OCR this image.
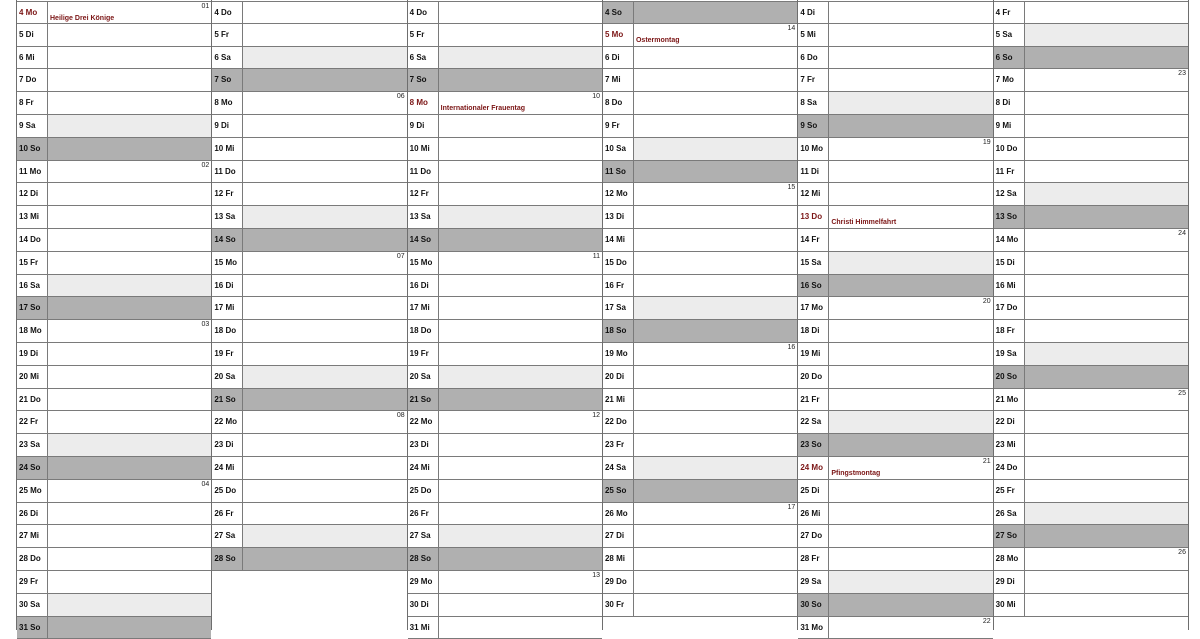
4 Mo
Heilige Drei Könige
01
5 Di
6 Mi
7 Do
8 Fr
9 Sa
10 So
11 Mo
02
12 Di
13 Mi
14 Do
15 Fr
16 Sa
17 So
18 Mo
03
19 Di
20 Mi
21 Do
22 Fr
23 Sa
24 So
25 Mo
04
26 Di
27 Mi
28 Do
29 Fr
30 Sa
31 So
4 Do
5 Fr
6 Sa
7 So
8 Mo
06
9 Di
10 Mi
11 Do
12 Fr
13 Sa
14 So
15 Mo
07
16 Di
17 Mi
18 Do
19 Fr
20 Sa
21 So
22 Mo
08
23 Di
24 Mi
25 Do
26 Fr
27 Sa
28 So
4 Do
5 Fr
6 Sa
7 So
8 Mo
Internationaler Frauentag
10
9 Di
10 Mi
11 Do
12 Fr
13 Sa
14 So
15 Mo
11
16 Di
17 Mi
18 Do
19 Fr
20 Sa
21 So
22 Mo
12
23 Di
24 Mi
25 Do
26 Fr
27 Sa
28 So
29 Mo
13
30 Di
31 Mi
4 So
5 Mo
Ostermontag
14
6 Di
7 Mi
8 Do
9 Fr
10 Sa
11 So
12 Mo
15
13 Di
14 Mi
15 Do
16 Fr
17 Sa
18 So
19 Mo
16
20 Di
21 Mi
22 Do
23 Fr
24 Sa
25 So
26 Mo
17
27 Di
28 Mi
29 Do
30 Fr
4 Di
5 Mi
6 Do
7 Fr
8 Sa
9 So
10 Mo
19
11 Di
12 Mi
13 Do
Christi Himmelfahrt
14 Fr
15 Sa
16 So
17 Mo
20
18 Di
19 Mi
20 Do
21 Fr
22 Sa
23 So
24 Mo
Pfingstmontag
21
25 Di
26 Mi
27 Do
28 Fr
29 Sa
30 So
31 Mo
22
4 Fr
5 Sa
6 So
7 Mo
23
8 Di
9 Mi
10 Do
11 Fr
12 Sa
13 So
14 Mo
24
15 Di
16 Mi
17 Do
18 Fr
19 Sa
20 So
21 Mo
25
22 Di
23 Mi
24 Do
25 Fr
26 Sa
27 So
28 Mo
26
29 Di
30 Mi
